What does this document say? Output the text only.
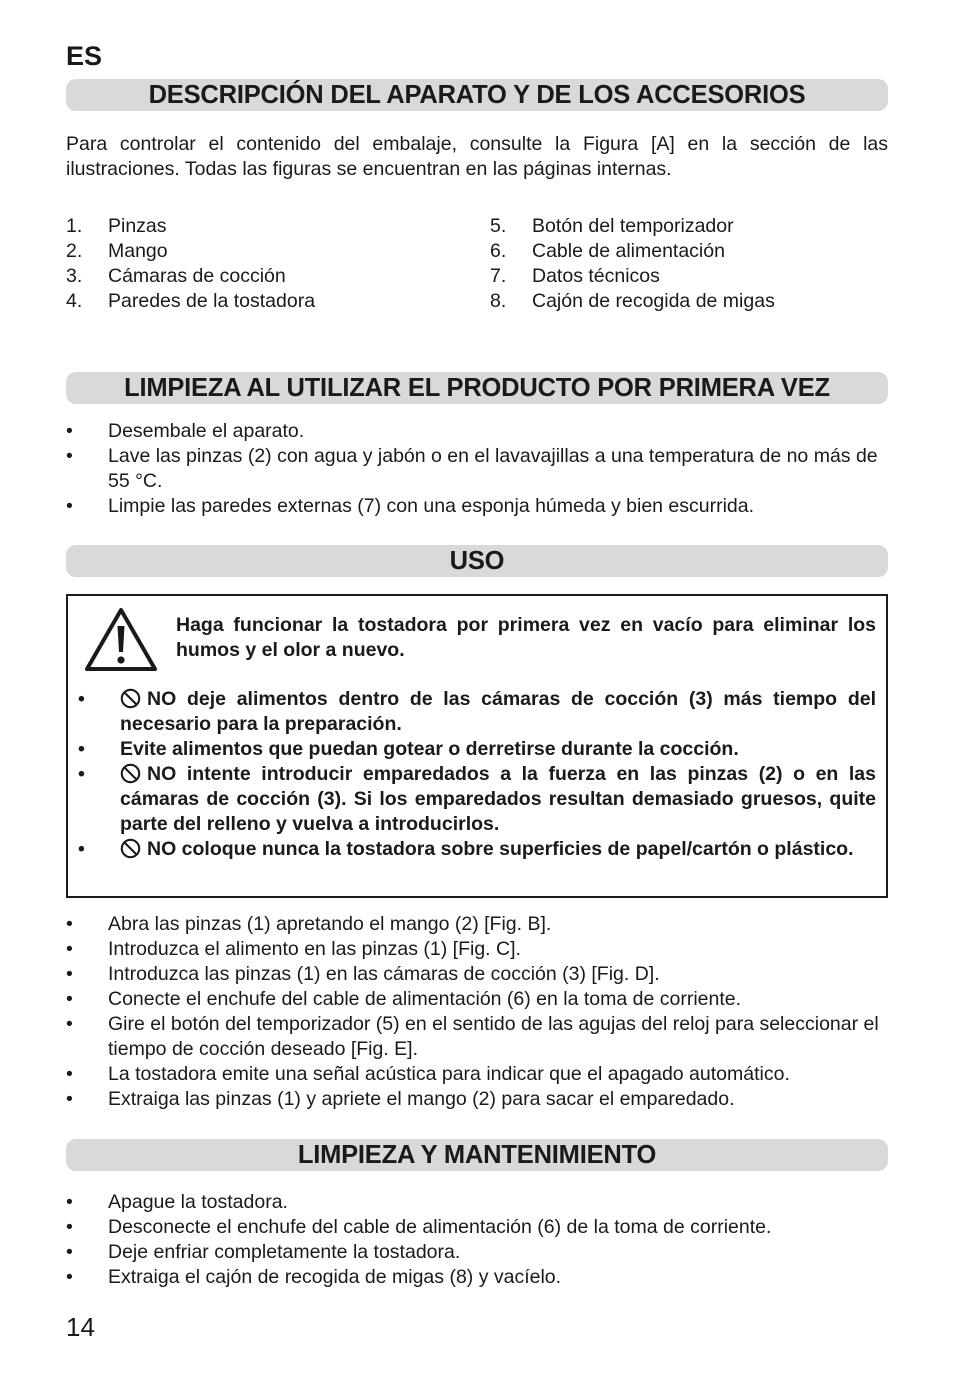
ES
DESCRIPCIÓN DEL APARATO Y DE LOS ACCESORIOS
Para controlar el contenido del embalaje, consulte la Figura [A] en la sección de las ilustraciones. Todas las figuras se encuentran en las páginas internas.
1. Pinzas
2. Mango
3. Cámaras de cocción
4. Paredes de la tostadora
5. Botón del temporizador
6. Cable de alimentación
7. Datos técnicos
8. Cajón de recogida de migas
LIMPIEZA AL UTILIZAR EL PRODUCTO POR PRIMERA VEZ
• Desembale el aparato.
• Lave las pinzas (2) con agua y jabón o en el lavavajillas a una temperatura de no más de 55 °C.
• Limpie las paredes externas (7) con una esponja húmeda y bien escurrida.
USO
Haga funcionar la tostadora por primera vez en vacío para eliminar los humos y el olor a nuevo.
•	NO deje alimentos dentro de las cámaras de cocción (3) más tiempo del necesario para la preparación.
• Evite alimentos que puedan gotear o derretirse durante la cocción.
•	NO intente introducir emparedados a la fuerza en las pinzas (2) o en las cámaras de cocción (3). Si los emparedados resultan demasiado gruesos, quite parte del relleno y vuelva a introducirlos.
•	NO coloque nunca la tostadora sobre superficies de papel/cartón o plástico.
• Abra las pinzas (1) apretando el mango (2) [Fig. B].
• Introduzca el alimento en las pinzas (1) [Fig. C].
• Introduzca las pinzas (1) en las cámaras de cocción (3) [Fig. D].
• Conecte el enchufe del cable de alimentación (6) en la toma de corriente.
• Gire el botón del temporizador (5) en el sentido de las agujas del reloj para seleccionar el tiempo de cocción deseado [Fig. E].
• La tostadora emite una señal acústica para indicar que el apagado automático.
• Extraiga las pinzas (1) y apriete el mango (2) para sacar el emparedado.
LIMPIEZA Y MANTENIMIENTO
• Apague la tostadora.
• Desconecte el enchufe del cable de alimentación (6) de la toma de corriente.
• Deje enfriar completamente la tostadora.
• Extraiga el cajón de recogida de migas (8) y vacíelo.
14
